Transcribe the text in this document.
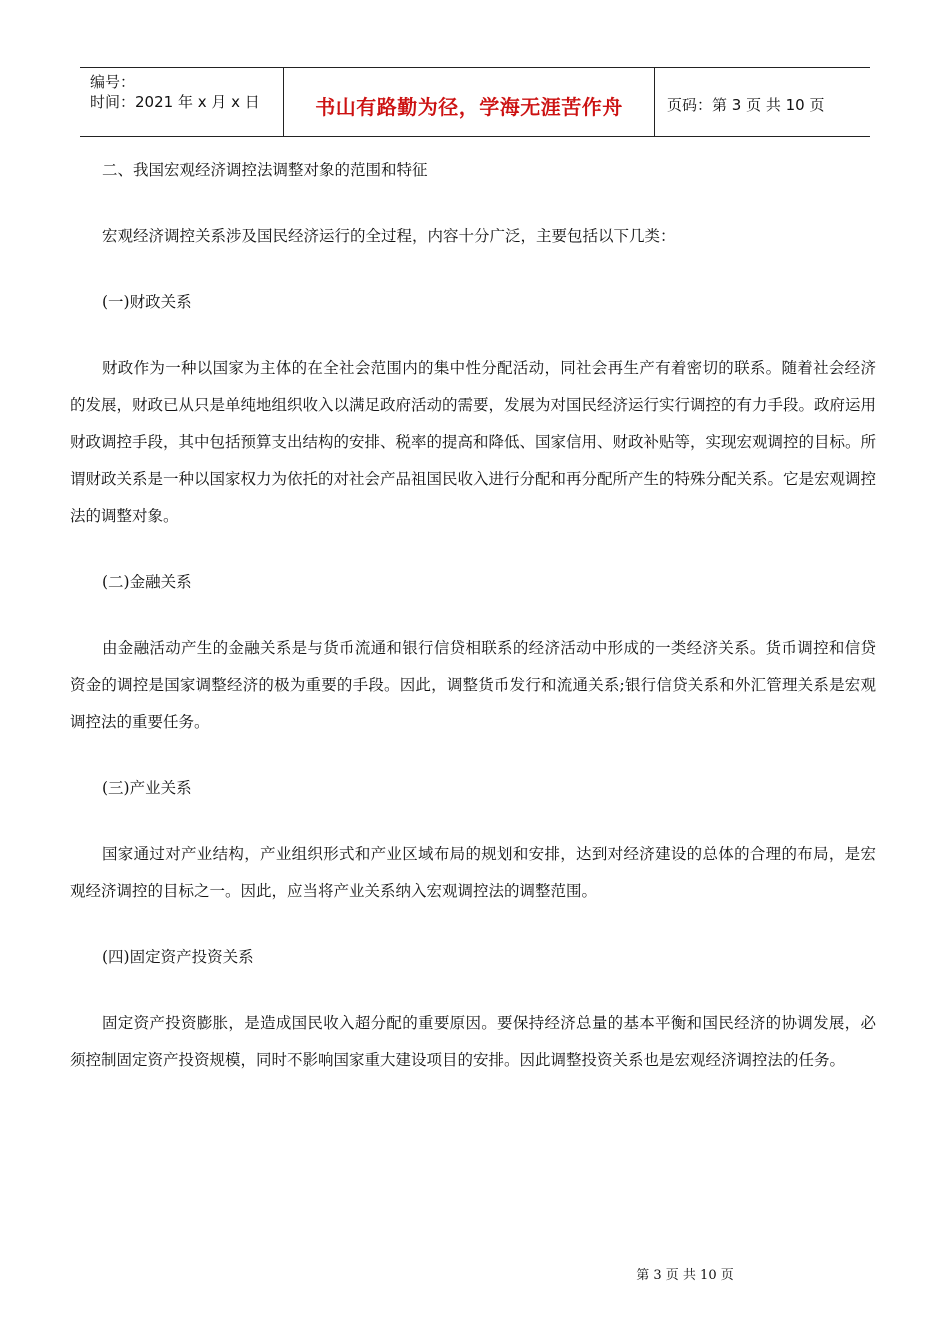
编号：
时间：2021 年 x 月 x 日	书山有路勤为径，学海无涯苦作舟	页码：第 3 页 共 10 页

二、我国宏观经济调控法调整对象的范围和特征

宏观经济调控关系涉及国民经济运行的全过程，内容十分广泛，主要包括以下几类：

(一)财政关系

财政作为一种以国家为主体的在全社会范围内的集中性分配活动，同社会再生产有着密切的联系。随着社会经济的发展，财政已从只是单纯地组织收入以满足政府活动的需要，发展为对国民经济运行实行调控的有力手段。政府运用财政调控手段，其中包括预算支出结构的安排、税率的提高和降低、国家信用、财政补贴等，实现宏观调控的目标。所谓财政关系是一种以国家权力为依托的对社会产品祖国民收入进行分配和再分配所产生的特殊分配关系。它是宏观调控法的调整对象。

(二)金融关系

由金融活动产生的金融关系是与货币流通和银行信贷相联系的经济活动中形成的一类经济关系。货币调控和信贷资金的调控是国家调整经济的极为重要的手段。因此，调整货币发行和流通关系;银行信贷关系和外汇管理关系是宏观调控法的重要任务。

(三)产业关系

国家通过对产业结构，产业组织形式和产业区域布局的规划和安排，达到对经济建设的总体的合理的布局，是宏观经济调控的目标之一。因此，应当将产业关系纳入宏观调控法的调整范围。

(四)固定资产投资关系

固定资产投资膨胀，是造成国民收入超分配的重要原因。要保持经济总量的基本平衡和国民经济的协调发展，必须控制固定资产投资规模，同时不影响国家重大建设项目的安排。因此调整投资关系也是宏观经济调控法的任务。

第 3 页 共 10 页
